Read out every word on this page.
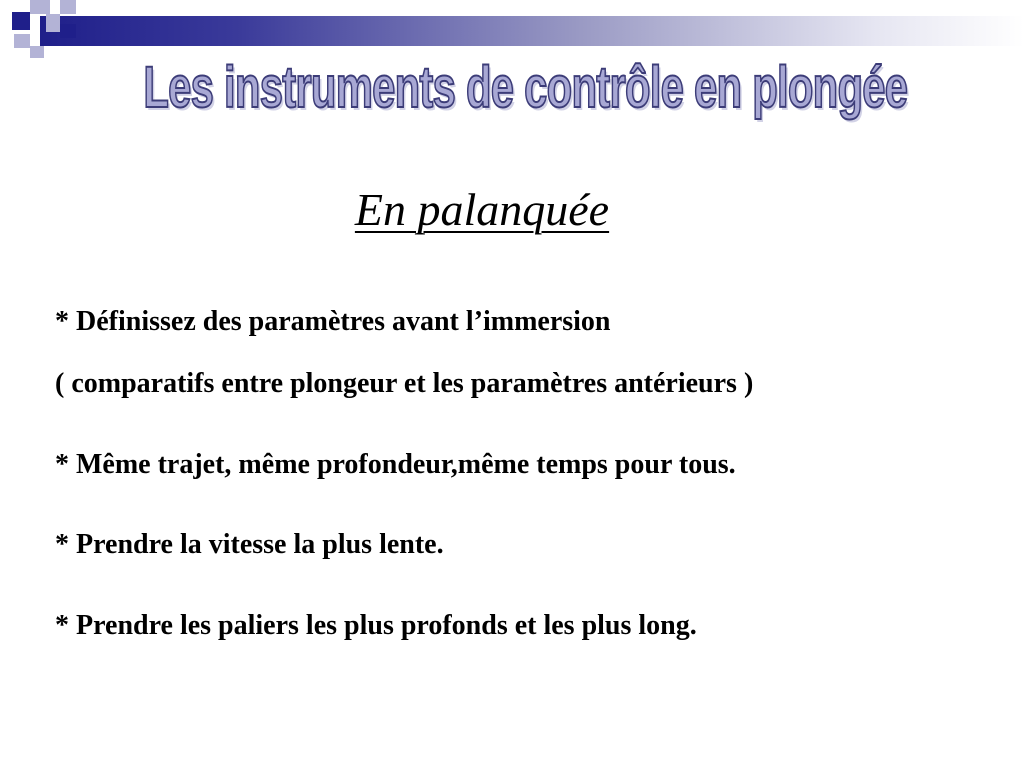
Les instruments de contrôle en plongée
En palanquée
* Définissez des paramètres avant l’immersion
( comparatifs entre plongeur et les paramètres antérieurs )
* Même trajet, même profondeur,même temps pour tous.
* Prendre la vitesse la plus lente.
* Prendre les paliers les plus profonds et les plus long.
